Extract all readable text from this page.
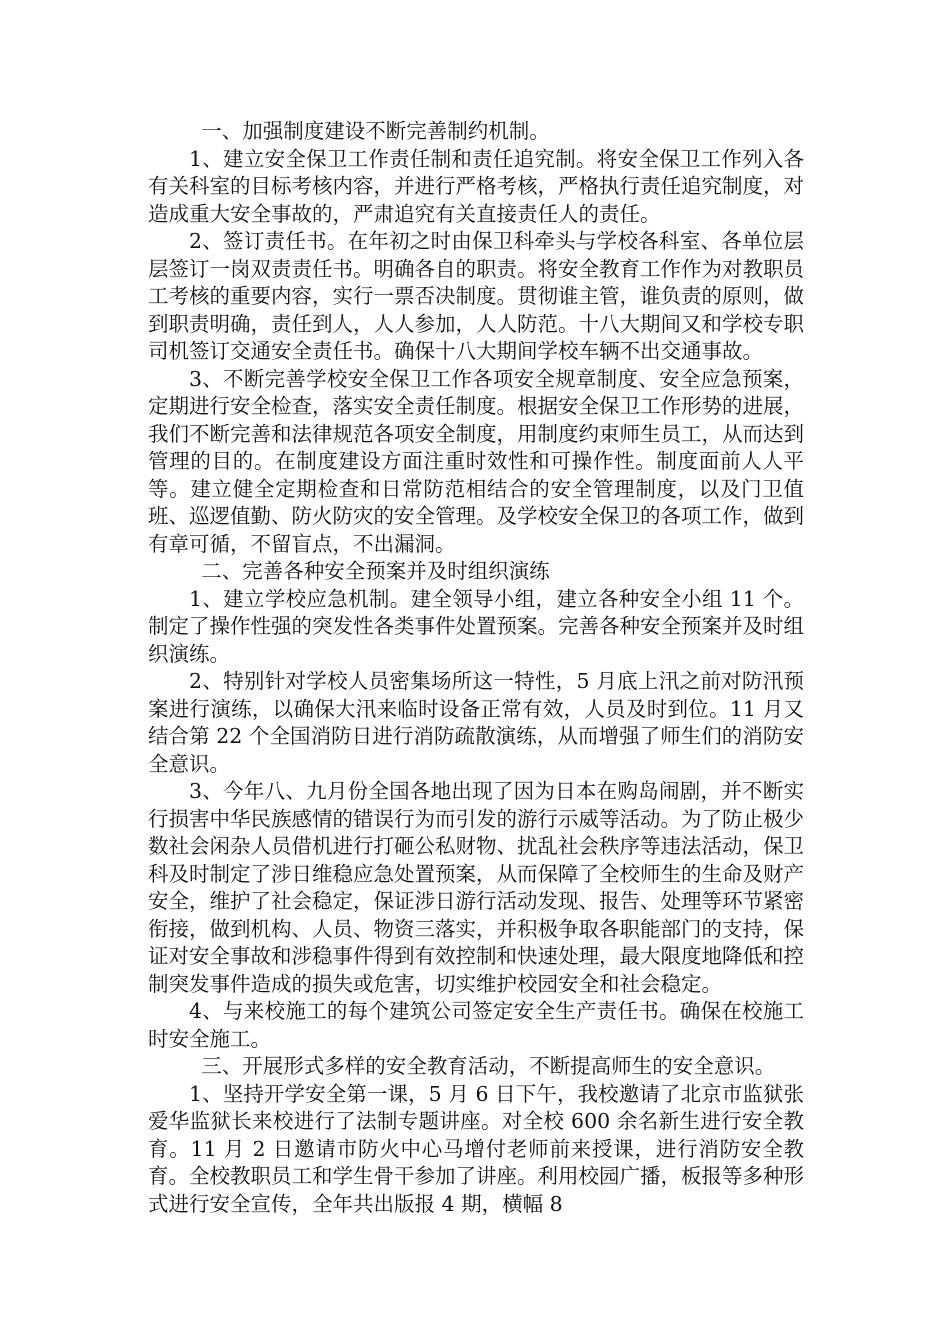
一、加强制度建设不断完善制约机制。

1、建立安全保卫工作责任制和责任追究制。将安全保卫工作列入各有关科室的目标考核内容，并进行严格考核，严格执行责任追究制度，对造成重大安全事故的，严肃追究有关直接责任人的责任。

2、签订责任书。在年初之时由保卫科牵头与学校各科室、各单位层层签订一岗双责责任书。明确各自的职责。将安全教育工作作为对教职员工考核的重要内容，实行一票否决制度。贯彻谁主管，谁负责的原则，做到职责明确，责任到人，人人参加，人人防范。十八大期间又和学校专职司机签订交通安全责任书。确保十八大期间学校车辆不出交通事故。

3、不断完善学校安全保卫工作各项安全规章制度、安全应急预案，定期进行安全检查，落实安全责任制度。根据安全保卫工作形势的进展，我们不断完善和法律规范各项安全制度，用制度约束师生员工，从而达到管理的目的。在制度建设方面注重时效性和可操作性。制度面前人人平等。建立健全定期检查和日常防范相结合的安全管理制度，以及门卫值班、巡逻值勤、防火防灾的安全管理。及学校安全保卫的各项工作，做到有章可循，不留盲点，不出漏洞。

二、完善各种安全预案并及时组织演练

1、建立学校应急机制。建全领导小组，建立各种安全小组 11 个。制定了操作性强的突发性各类事件处置预案。完善各种安全预案并及时组织演练。

2、特别针对学校人员密集场所这一特性，5 月底上汛之前对防汛预案进行演练，以确保大汛来临时设备正常有效，人员及时到位。11 月又结合第 22 个全国消防日进行消防疏散演练，从而增强了师生们的消防安全意识。

3、今年八、九月份全国各地出现了因为日本在购岛闹剧，并不断实行损害中华民族感情的错误行为而引发的游行示威等活动。为了防止极少数社会闲杂人员借机进行打砸公私财物、扰乱社会秩序等违法活动，保卫科及时制定了涉日维稳应急处置预案，从而保障了全校师生的生命及财产安全，维护了社会稳定，保证涉日游行活动发现、报告、处理等环节紧密衔接，做到机构、人员、物资三落实，并积极争取各职能部门的支持，保证对安全事故和涉稳事件得到有效控制和快速处理，最大限度地降低和控制突发事件造成的损失或危害，切实维护校园安全和社会稳定。

4、与来校施工的每个建筑公司签定安全生产责任书。确保在校施工时安全施工。

三、开展形式多样的安全教育活动，不断提高师生的安全意识。

1、坚持开学安全第一课，5 月 6 日下午，我校邀请了北京市监狱张爱华监狱长来校进行了法制专题讲座。对全校 600 余名新生进行安全教育。11 月 2 日邀请市防火中心马增付老师前来授课，进行消防安全教育。全校教职员工和学生骨干参加了讲座。利用校园广播，板报等多种形式进行安全宣传，全年共出版报 4 期，横幅 8
